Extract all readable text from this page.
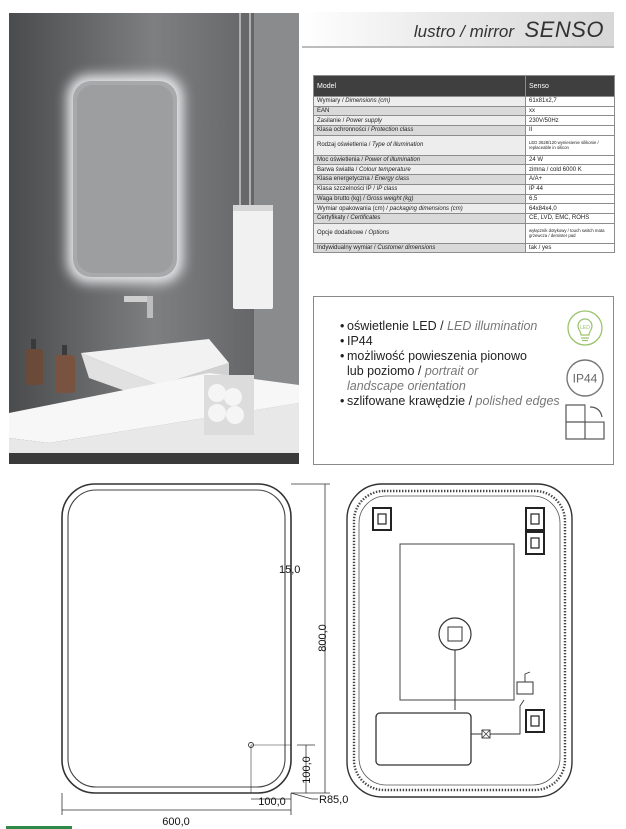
lustro / mirror SENSO
Model	Senso
Wymiary / Dimensions (cm)	61x81x2,7
EAN	xx
Zasilanie / Power supply	230V/50Hz
Klasa ochronności / Protection class	II
Rodzaj oświetlenia / Type of illumination	LED 3528/120 wyniesienie silikonie / replaceable in silicon
Moc oświetlenia / Power of illumination	24 W
Barwa światła / Colour temperature	zimna / cold 6000 K
Klasa energetyczna / Energy class	A/A+
Klasa szczelności IP / IP class	IP 44
Waga brutto (kg) / Gross weight (kg)	6,5
Wymiar opakowania (cm) / packaging dimensions (cm)	64x84x4,0
Certyfikaty / Certificates	CE, LVD, EMC, ROHS
Opcje dodatkowe / Options	wyłącznik dotykowy / touch switch mata grzewcza / demister pad
Indywidualny wymiar / Customer dimensions	tak / yes
• oświetlenie LED / LED illumination
• IP44
• możliwość powieszenia pionowo
lub poziomo / portrait or
landscape orientation
• szlifowane krawędzie / polished edges
LED
IP44
15,0
800,0
600,0
100,0
100,0	R85,0
